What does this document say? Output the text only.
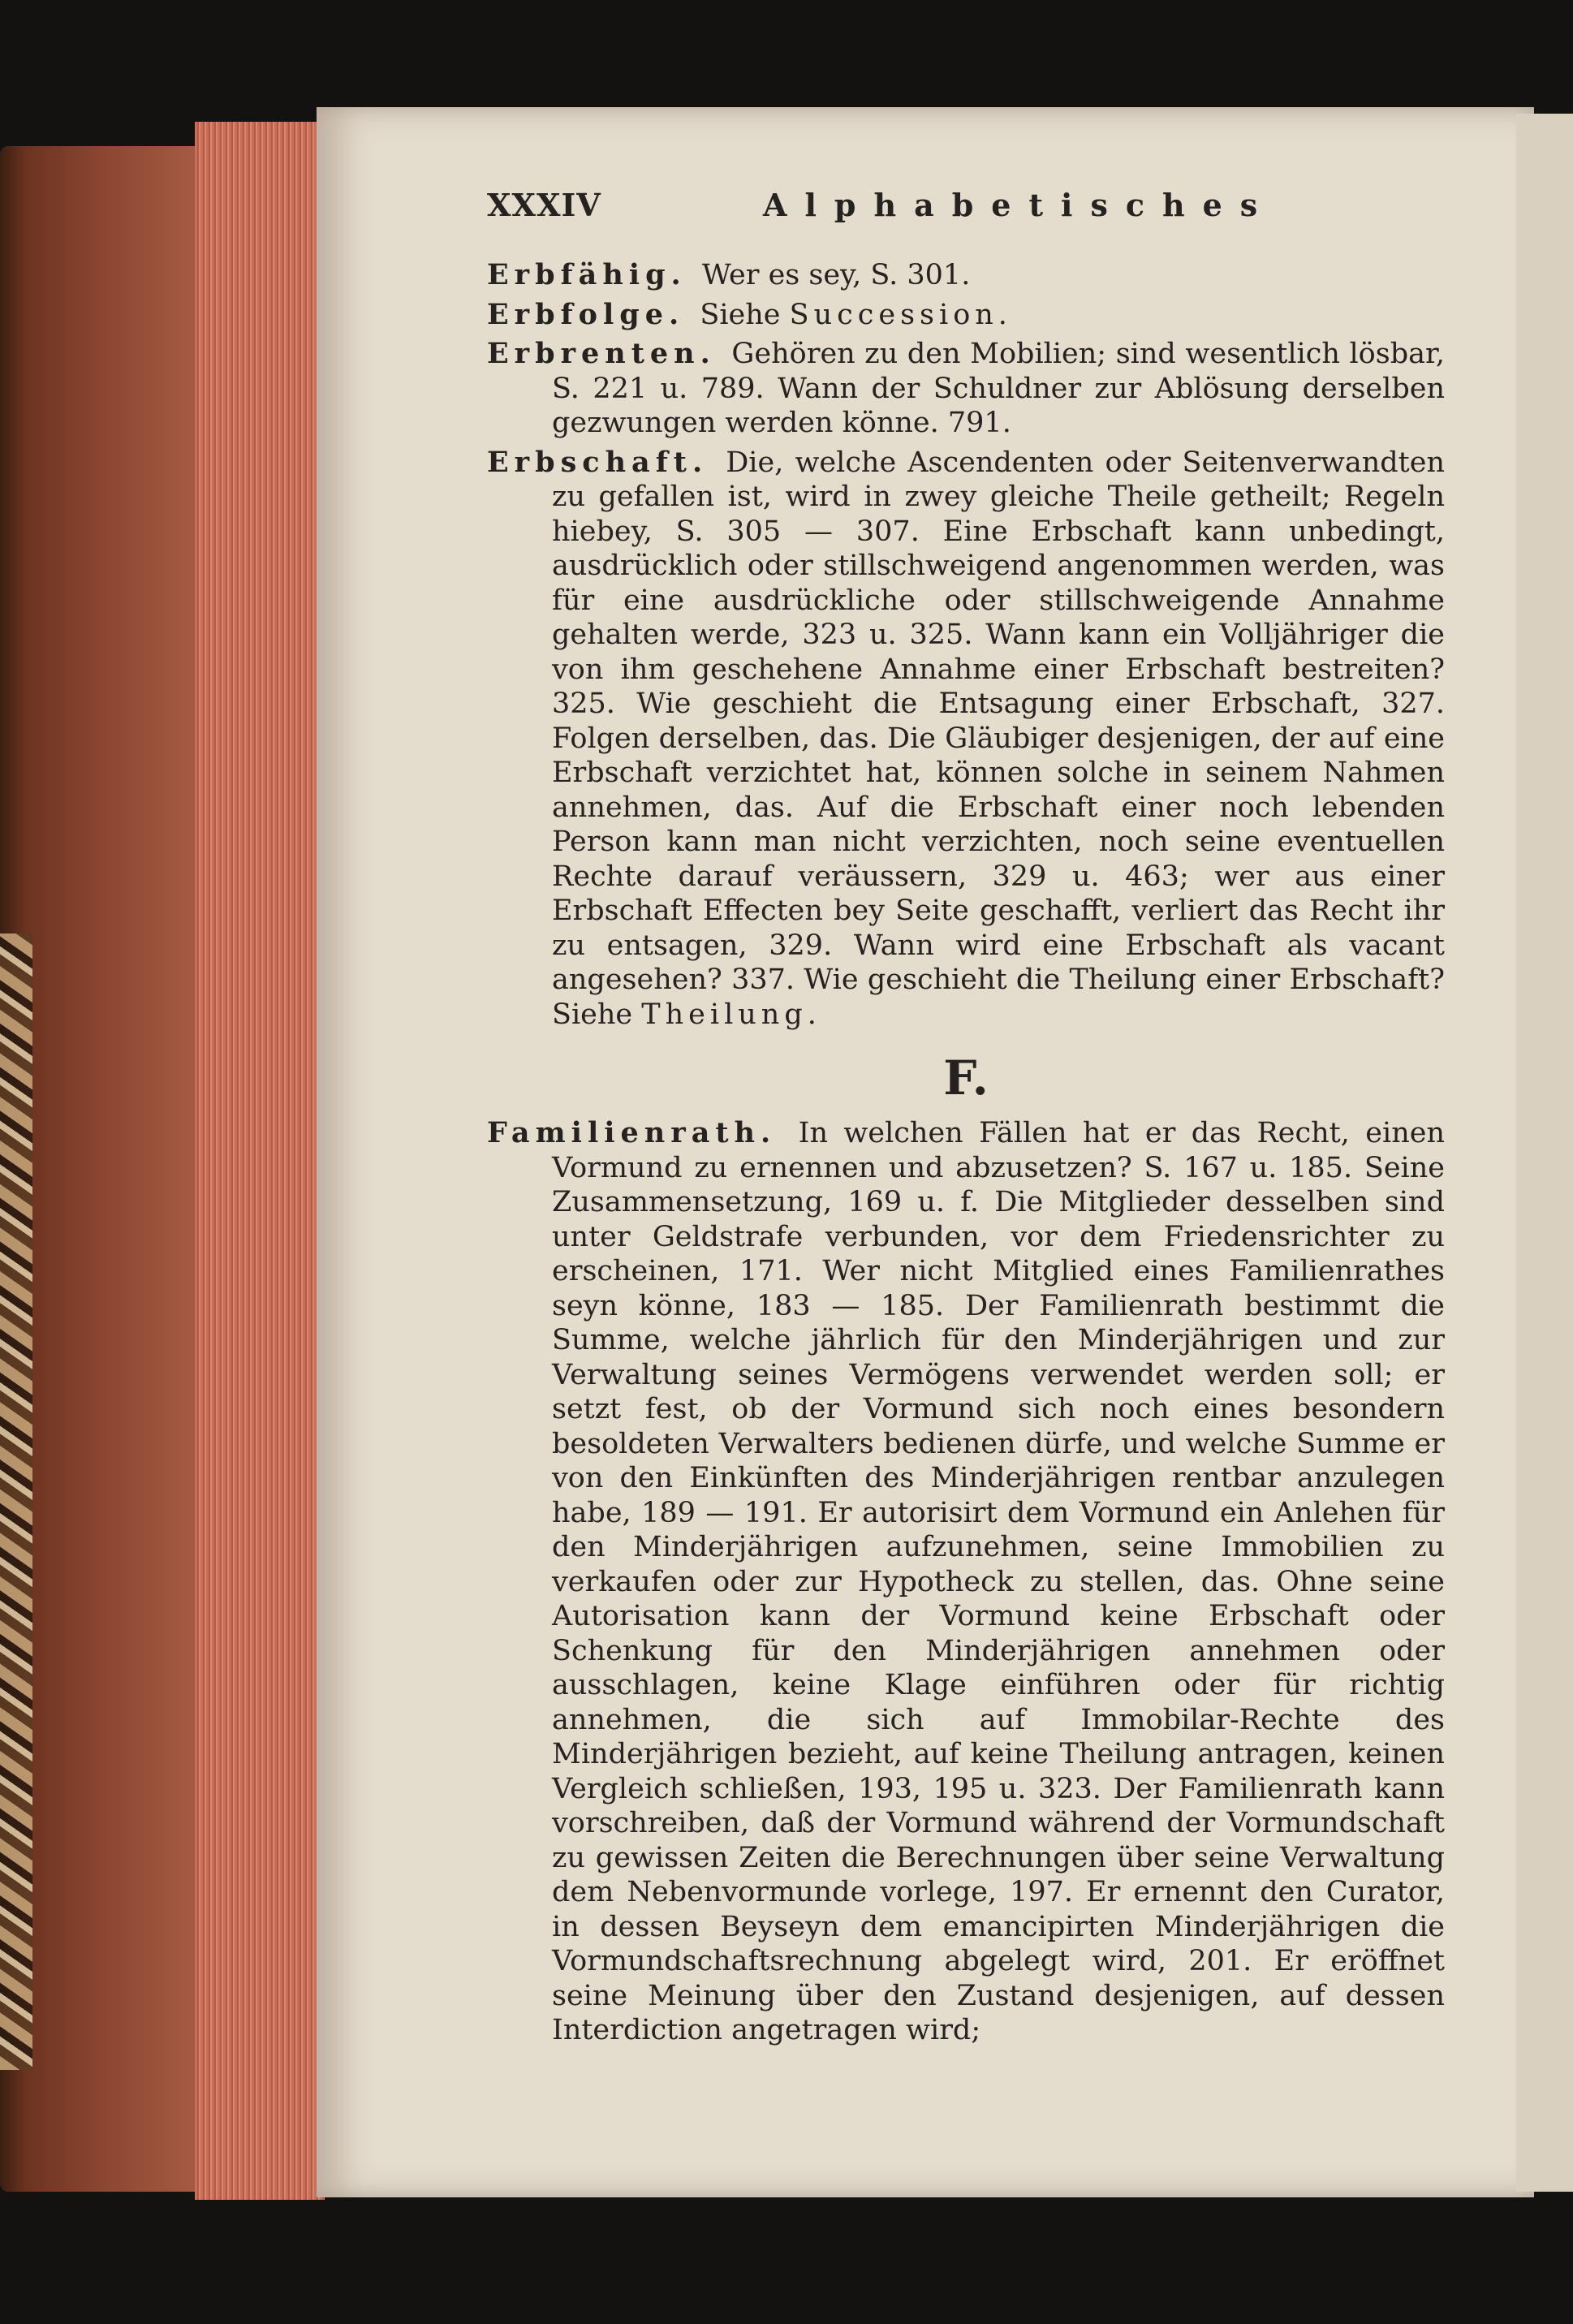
XXXIV	Alphabetisches

Erbfähig. Wer es sey, S. 301.

Erbfolge. Siehe Succession.

Erbrenten. Gehören zu den Mobilien; sind wesentlich lösbar, S. 221 u. 789. Wann der Schuldner zur Ablösung derselben gezwungen werden könne. 791.

Erbschaft. Die, welche Ascendenten oder Seitenverwandten zu gefallen ist, wird in zwey gleiche Theile getheilt; Regeln hiebey, S. 305 — 307. Eine Erbschaft kann unbedingt, ausdrücklich oder stillschweigend angenommen werden, was für eine ausdrückliche oder stillschweigende Annahme gehalten werde, 323 u. 325. Wann kann ein Volljähriger die von ihm geschehene Annahme einer Erbschaft bestreiten? 325. Wie geschieht die Entsagung einer Erbschaft, 327. Folgen derselben, das. Die Gläubiger desjenigen, der auf eine Erbschaft verzichtet hat, können solche in seinem Nahmen annehmen, das. Auf die Erbschaft einer noch lebenden Person kann man nicht verzichten, noch seine eventuellen Rechte darauf veräussern, 329 u. 463; wer aus einer Erbschaft Effecten bey Seite geschafft, verliert das Recht ihr zu entsagen, 329. Wann wird eine Erbschaft als vacant angesehen? 337. Wie geschieht die Theilung einer Erbschaft? Siehe Theilung.

F.

Familienrath. In welchen Fällen hat er das Recht, einen Vormund zu ernennen und abzusetzen? S. 167 u. 185. Seine Zusammensetzung, 169 u. f. Die Mitglieder desselben sind unter Geldstrafe verbunden, vor dem Friedensrichter zu erscheinen, 171. Wer nicht Mitglied eines Familienrathes seyn könne, 183 — 185. Der Familienrath bestimmt die Summe, welche jährlich für den Minderjährigen und zur Verwaltung seines Vermögens verwendet werden soll; er setzt fest, ob der Vormund sich noch eines besondern besoldeten Verwalters bedienen dürfe, und welche Summe er von den Einkünften des Minderjährigen rentbar anzulegen habe, 189 — 191. Er autorisirt dem Vormund ein Anlehen für den Minderjährigen aufzunehmen, seine Immobilien zu verkaufen oder zur Hypotheck zu stellen, das. Ohne seine Autorisation kann der Vormund keine Erbschaft oder Schenkung für den Minderjährigen annehmen oder ausschlagen, keine Klage einführen oder für richtig annehmen, die sich auf Immobilar-Rechte des Minderjährigen bezieht, auf keine Theilung antragen, keinen Vergleich schließen, 193, 195 u. 323. Der Familienrath kann vorschreiben, daß der Vormund während der Vormundschaft zu gewissen Zeiten die Berechnungen über seine Verwaltung dem Nebenvormunde vorlege, 197. Er ernennt den Curator, in dessen Beyseyn dem emancipirten Minderjährigen die Vormundschaftsrechnung abgelegt wird, 201. Er eröffnet seine Meinung über den Zustand desjenigen, auf dessen Interdiction angetragen wird;
